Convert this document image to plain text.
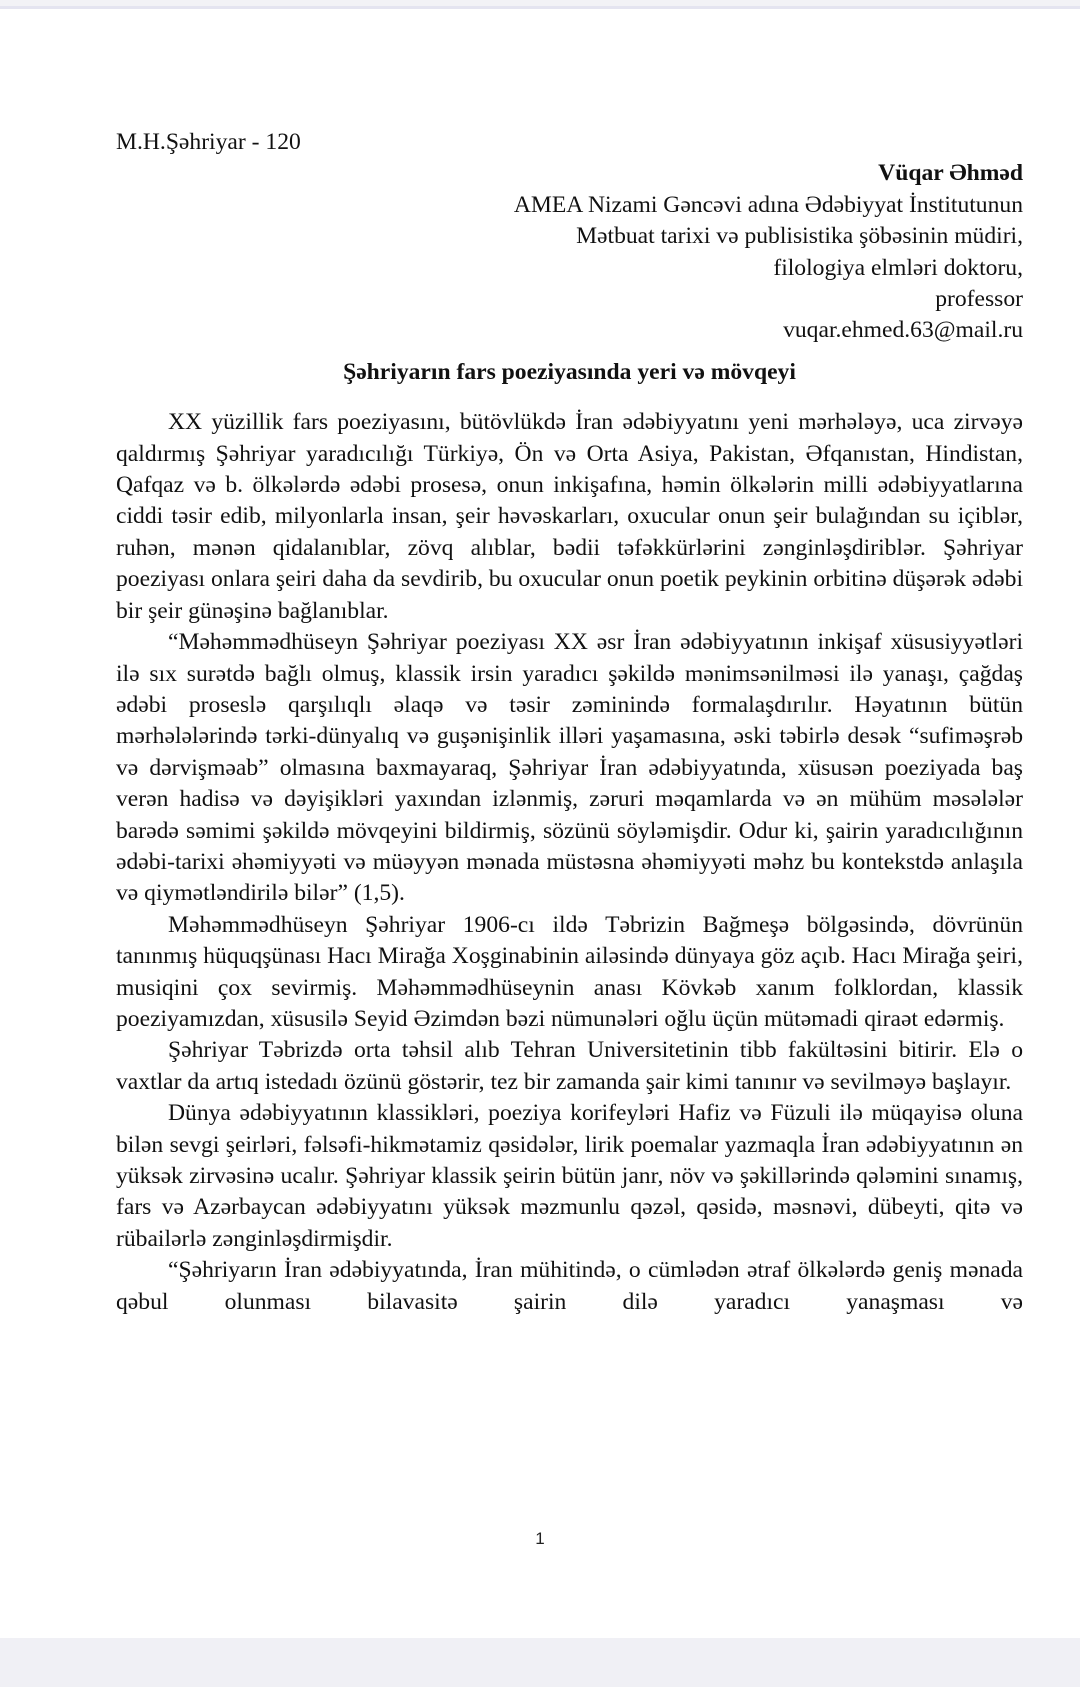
M.H.Şəhriyar - 120

Vüqar Əhməd
AMEA Nizami Gəncəvi adına Ədəbiyyat İnstitutunun
Mətbuat tarixi və publisistika şöbəsinin müdiri,
filologiya elmləri doktoru,
professor
vuqar.ehmed.63@mail.ru

Şəhriyarın fars poeziyasında yeri və mövqeyi

XX yüzillik fars poeziyasını, bütövlükdə İran ədəbiyyatını yeni mərhələyə, uca zirvəyə qaldırmış Şəhriyar yaradıcılığı Türkiyə, Ön və Orta Asiya, Pakistan, Əfqanıstan, Hindistan, Qafqaz və b. ölkələrdə ədəbi prosesə, onun inkişafına, həmin ölkələrin milli ədəbiyyatlarına ciddi təsir edib, milyonlarla insan, şeir həvəskarları, oxucular onun şeir bulağından su içiblər, ruhən, mənən qidalanıblar, zövq alıblar, bədii təfəkkürlərini zənginləşdiriblər. Şəhriyar poeziyası onlara şeiri daha da sevdirib, bu oxucular onun poetik peykinin orbitinə düşərək ədəbi bir şeir günəşinə bağlanıblar.

“Məhəmmədhüseyn Şəhriyar poeziyası XX əsr İran ədəbiyyatının inkişaf xüsusiyyətləri ilə sıx surətdə bağlı olmuş, klassik irsin yaradıcı şəkildə mənimsənilməsi ilə yanaşı, çağdaş ədəbi proseslə qarşılıqlı əlaqə və təsir zəminində formalaşdırılır. Həyatının bütün mərhələlərində tərki-dünyalıq və guşənişinlik illəri yaşamasına, əski təbirlə desək “sufiməşrəb və dərvişməab” olmasına baxmayaraq, Şəhriyar İran ədəbiyyatında, xüsusən poeziyada baş verən hadisə və dəyişikləri yaxından izlənmiş, zəruri məqamlarda və ən mühüm məsələlər barədə səmimi şəkildə mövqeyini bildirmiş, sözünü söyləmişdir. Odur ki, şairin yaradıcılığının ədəbi-tarixi əhəmiyyəti və müəyyən mənada müstəsna əhəmiyyəti məhz bu kontekstdə anlaşıla və qiymətləndirilə bilər” (1,5).

Məhəmmədhüseyn Şəhriyar 1906-cı ildə Təbrizin Bağmeşə bölgəsində, dövrünün tanınmış hüquqşünası Hacı Mirağa Xoşginabinin ailəsində dünyaya göz açıb. Hacı Mirağa şeiri, musiqini çox sevirmiş. Məhəmmədhüseynin anası Kövkəb xanım folklordan, klassik poeziyamızdan, xüsusilə Seyid Əzimdən bəzi nümunələri oğlu üçün mütəmadi qiraət edərmiş.

Şəhriyar Təbrizdə orta təhsil alıb Tehran Universitetinin tibb fakültəsini bitirir. Elə o vaxtlar da artıq istedadı özünü göstərir, tez bir zamanda şair kimi tanınır və sevilməyə başlayır.

Dünya ədəbiyyatının klassikləri, poeziya korifeyləri Hafiz və Füzuli ilə müqayisə oluna bilən sevgi şeirləri, fəlsəfi-hikmətamiz qəsidələr, lirik poemalar yazmaqla İran ədəbiyyatının ən yüksək zirvəsinə ucalır. Şəhriyar klassik şeirin bütün janr, növ və şəkillərində qələmini sınamış, fars və Azərbaycan ədəbiyyatını yüksək məzmunlu qəzəl, qəsidə, məsnəvi, dübeyti, qitə və rübailərlə zənginləşdirmişdir.

“Şəhriyarın İran ədəbiyyatında, İran mühitində, o cümlədən ətraf ölkələrdə geniş mənada qəbul olunması bilavasitə şairin dilə yaradıcı yanaşması və

1
